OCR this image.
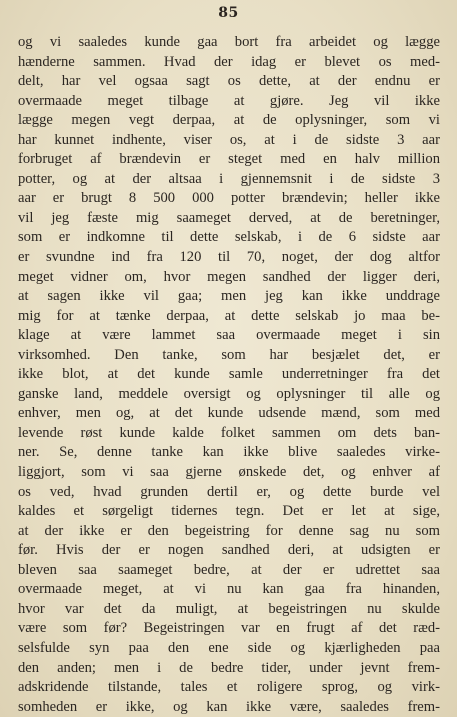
85
og vi saaledes kunde gaa bort fra arbeidet og lægge
hænderne sammen. Hvad der idag er blevet os med-
delt, har vel ogsaa sagt os dette, at der endnu er
overmaade meget tilbage at gjøre. Jeg vil ikke
lægge megen vegt derpaa, at de oplysninger, som vi
har kunnet indhente, viser os, at i de sidste 3 aar
forbruget af brændevin er steget med en halv million
potter, og at der altsaa i gjennemsnit i de sidste 3
aar er brugt 8 500 000 potter brændevin; heller ikke
vil jeg fæste mig saameget derved, at de beretninger,
som er indkomne til dette selskab, i de 6 sidste aar
er svundne ind fra 120 til 70, noget, der dog altfor
meget vidner om, hvor megen sandhed der ligger deri,
at sagen ikke vil gaa; men jeg kan ikke unddrage
mig for at tænke derpaa, at dette selskab jo maa be-
klage at være lammet saa overmaade meget i sin
virksomhed. Den tanke, som har besjælet det, er
ikke blot, at det kunde samle underretninger fra det
ganske land, meddele oversigt og oplysninger til alle og
enhver, men og, at det kunde udsende mænd, som med
levende røst kunde kalde folket sammen om dets ban-
ner. Se, denne tanke kan ikke blive saaledes virke-
liggjort, som vi saa gjerne ønskede det, og enhver af
os ved, hvad grunden dertil er, og dette burde vel
kaldes et sørgeligt tidernes tegn. Det er let at sige,
at der ikke er den begeistring for denne sag nu som
før. Hvis der er nogen sandhed deri, at udsigten er
bleven saa saameget bedre, at der er udrettet saa
overmaade meget, at vi nu kan gaa fra hinanden,
hvor var det da muligt, at begeistringen nu skulde
være som før? Begeistringen var en frugt af det ræd-
selsfulde syn paa den ene side og kjærligheden paa
den anden; men i de bedre tider, under jevnt frem-
adskridende tilstande, tales et roligere sprog, og virk-
somheden er ikke, og kan ikke være, saaledes frem-
